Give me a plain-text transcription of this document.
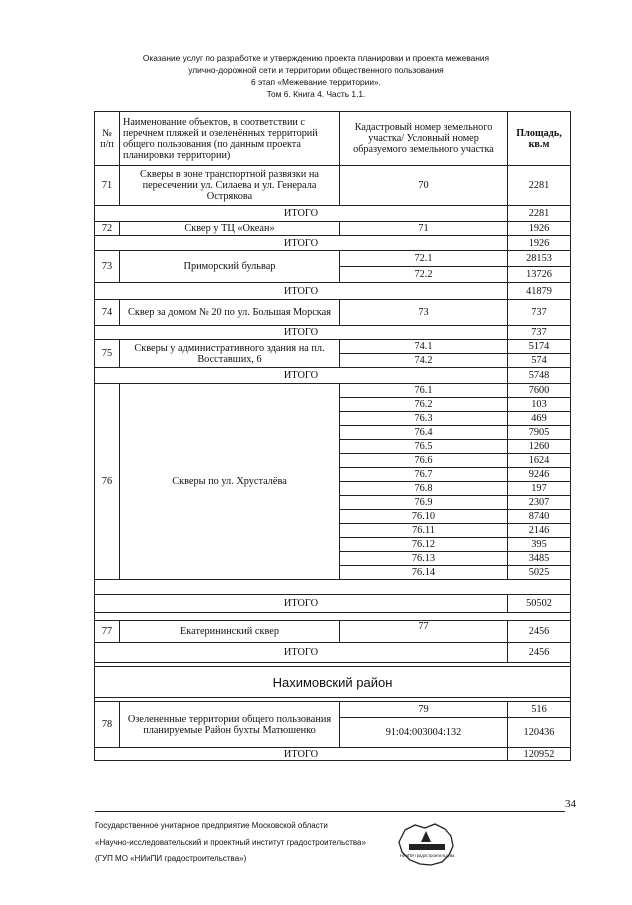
Оказание услуг по разработке и утверждению проекта планировки и проекта межевания
улично-дорожной сети и территории общественного пользования
6 этап «Межевание территории».
Том 6. Книга 4. Часть 1.1.
№ п/п	Наименование объектов, в соответствии с перечнем пляжей и озеленённых территорий общего пользования (по данным проекта планировки территории)	Кадастровый номер земельного участка/ Условный номер образуемого земельного участка	Площадь, кв.м
71	Скверы в зоне транспортной развязки на пересечении ул. Силаева и ул. Генерала Острякова	70	2281
ИТОГО			2281
72	Сквер у ТЦ «Океан»	71	1926
ИТОГО			1926
73	Приморский бульвар	72.1	28153
		72.2	13726
ИТОГО			41879
74	Сквер за домом № 20 по ул. Большая Морская	73	737
ИТОГО			737
75	Скверы у административного здания на пл. Восставших, 6	74.1	5174
		74.2	574
ИТОГО			5748
76	Скверы по ул. Хрусталёва	76.1	7600
		76.2	103
		76.3	469
		76.4	7905
		76.5	1260
		76.6	1624
		76.7	9246
		76.8	197
		76.9	2307
		76.10	8740
		76.11	2146
		76.12	395
		76.13	3485
		76.14	5025

ИТОГО			50502

77	Екатерининский сквер	77	2456
ИТОГО			2456

Нахимовский район			

78	Озелененные территории общего пользования планируемые Район бухты Матюшенко	79	516
		91:04:003004:132	120436
ИТОГО			120952
34
Государственное унитарное предприятие Московской области
«Научно-исследовательский и проектный институт градостроительства»
(ГУП МО «НИиПИ градостроительства»)	НИиПИ градостроительства
